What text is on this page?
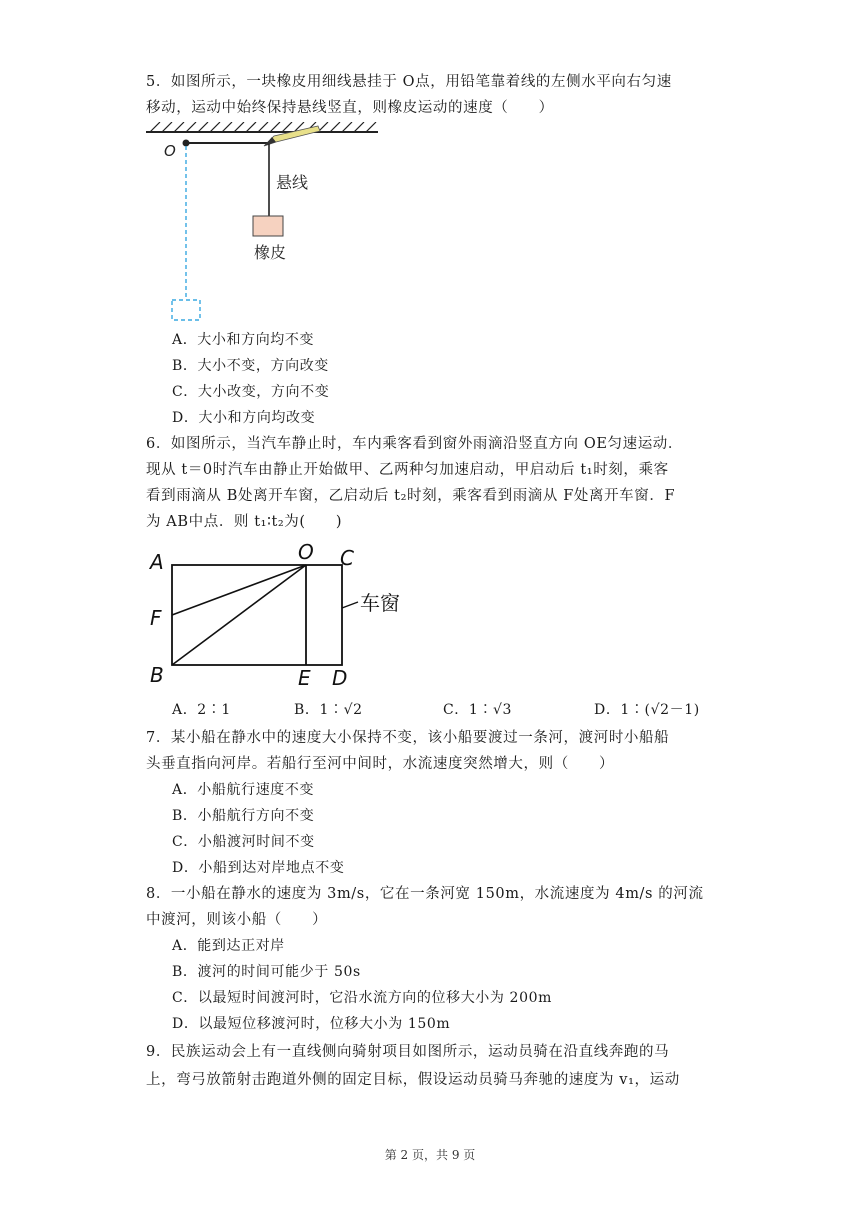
5．如图所示，一块橡皮用细线悬挂于 O点，用铅笔靠着线的左侧水平向右匀速
移动，运动中始终保持悬线竖直，则橡皮运动的速度（　　）
O
悬线
橡皮
A．大小和方向均不变
B．大小不变，方向改变
C．大小改变，方向不变
D．大小和方向均改变
6．如图所示，当汽车静止时，车内乘客看到窗外雨滴沿竖直方向 OE匀速运动．
现从 t＝0时汽车由静止开始做甲、乙两种匀加速启动，甲启动后 t₁时刻，乘客
看到雨滴从 B处离开车窗，乙启动后 t₂时刻，乘客看到雨滴从 F处离开车窗．F
为 AB中点．则 t₁∶t₂为(　　)
A	O C
F
B	E D
车窗
A．2∶1	B．1∶√2	C．1∶√3	D．1∶(√2－1)
7．某小船在静水中的速度大小保持不变，该小船要渡过一条河，渡河时小船船
头垂直指向河岸。若船行至河中间时，水流速度突然增大，则（　　）
A．小船航行速度不变
B．小船航行方向不变
C．小船渡河时间不变
D．小船到达对岸地点不变
8．一小船在静水的速度为 3m/s，它在一条河宽 150m，水流速度为 4m/s 的河流
中渡河，则该小船（　　）
A．能到达正对岸
B．渡河的时间可能少于 50s
C．以最短时间渡河时，它沿水流方向的位移大小为 200m
D．以最短位移渡河时，位移大小为 150m
9．民族运动会上有一直线侧向骑射项目如图所示，运动员骑在沿直线奔跑的马
上，弯弓放箭射击跑道外侧的固定目标，假设运动员骑马奔驰的速度为 v₁，运动
第 2 页，共 9 页
